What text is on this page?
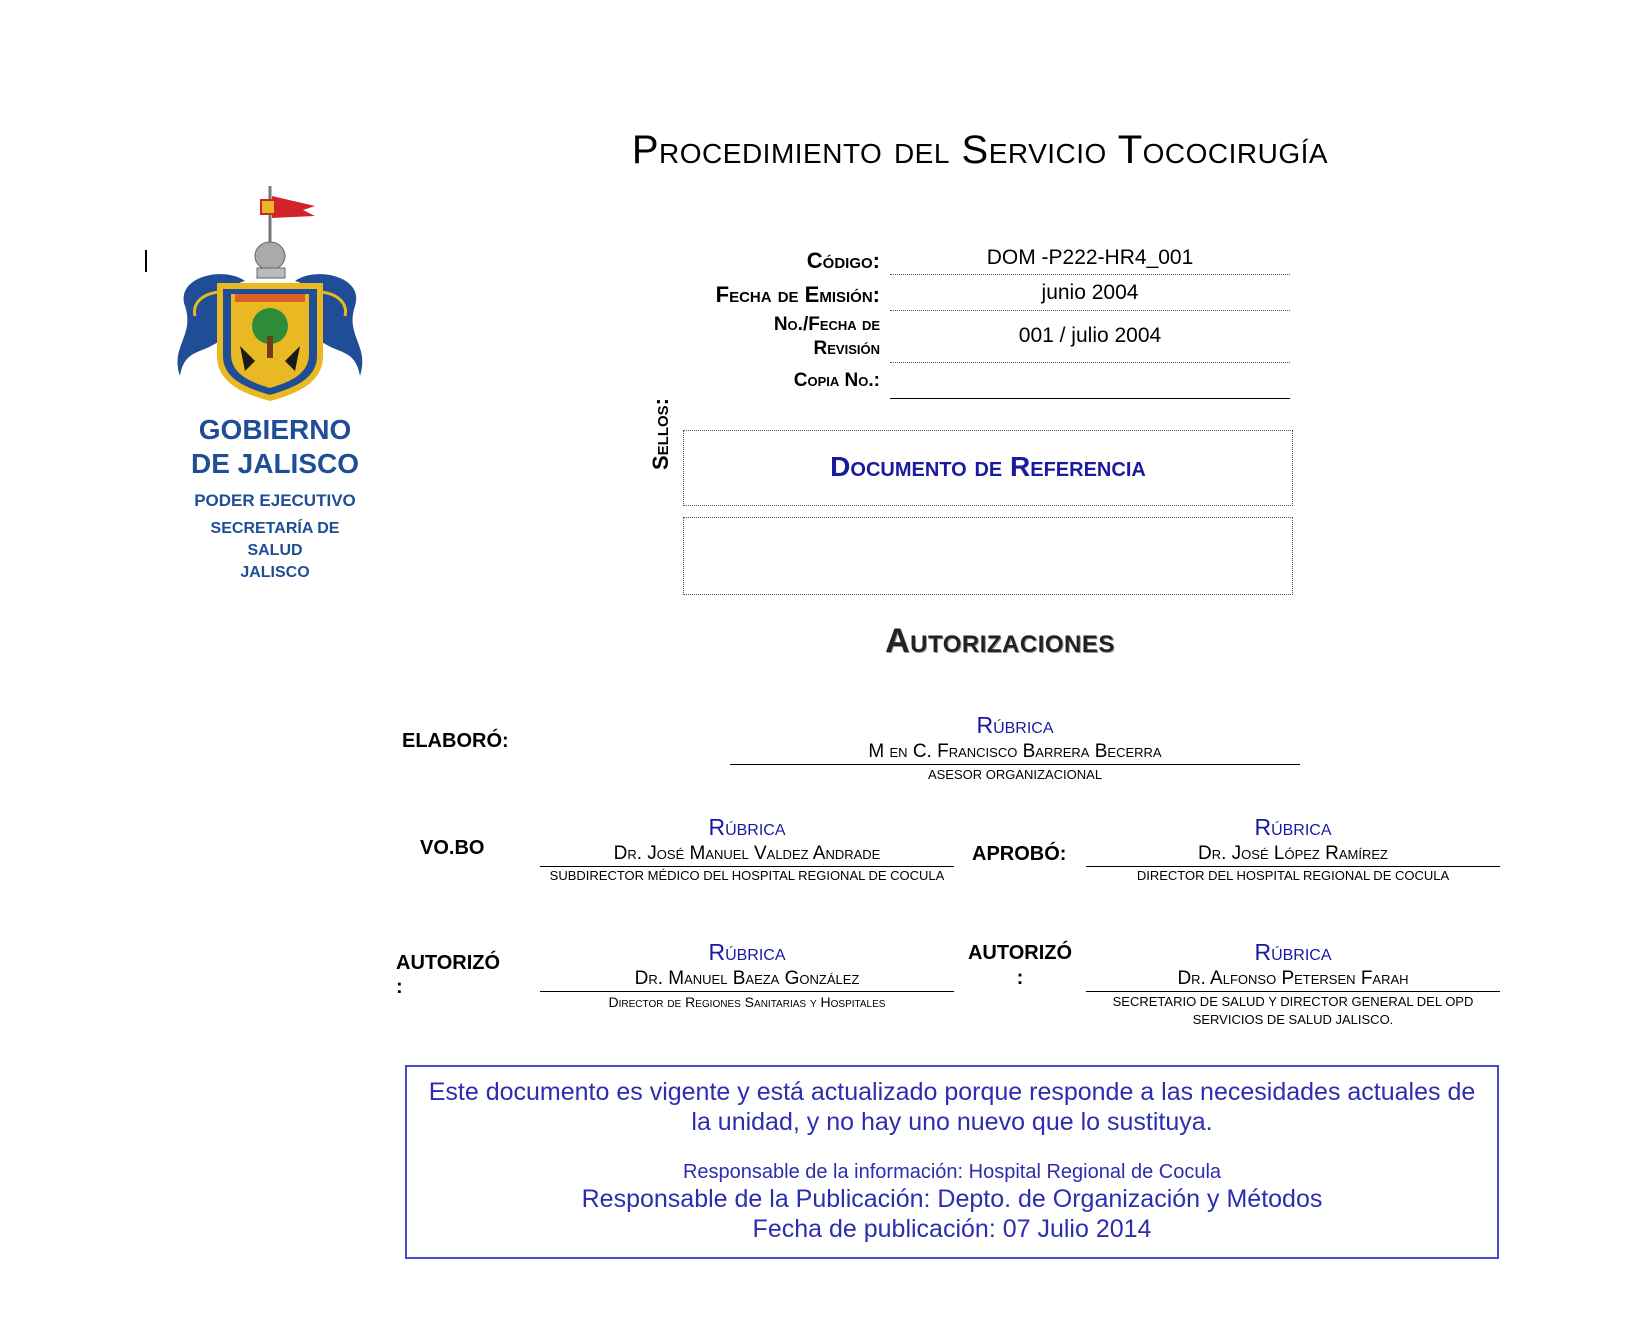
Procedimiento del Servicio Tococirugía
GOBIERNO
DE JALISCO
PODER EJECUTIVO
SECRETARÍA DE
SALUD
JALISCO
Código:	DOM -P222-HR4_001
Fecha de Emisión:	junio 2004
No./Fecha de
Revisión
001 / julio 2004
Copia No.:
Sellos:	Documento de Referencia
Autorizaciones
ELABORÓ:
Rúbrica
M en C. Francisco Barrera Becerra
ASESOR ORGANIZACIONAL
VO.BO
Rúbrica
Dr. José Manuel Valdez Andrade
SUBDIRECTOR MÉDICO DEL HOSPITAL REGIONAL DE COCULA
APROBÓ:
Rúbrica
Dr. José López Ramírez
DIRECTOR DEL HOSPITAL REGIONAL DE COCULA
AUTORIZÓ
:
Rúbrica
Dr. Manuel Baeza González
Director de Regiones Sanitarias y Hospitales
AUTORIZÓ
:
Rúbrica
Dr. Alfonso Petersen Farah
SECRETARIO DE SALUD Y DIRECTOR GENERAL DEL OPD SERVICIOS DE SALUD JALISCO.
Este documento es vigente y está actualizado porque responde a las necesidades actuales de la unidad, y no hay uno nuevo que lo sustituya.
Responsable de la información: Hospital Regional de Cocula
Responsable de la Publicación: Depto. de Organización y Métodos
Fecha de publicación: 07 Julio 2014
